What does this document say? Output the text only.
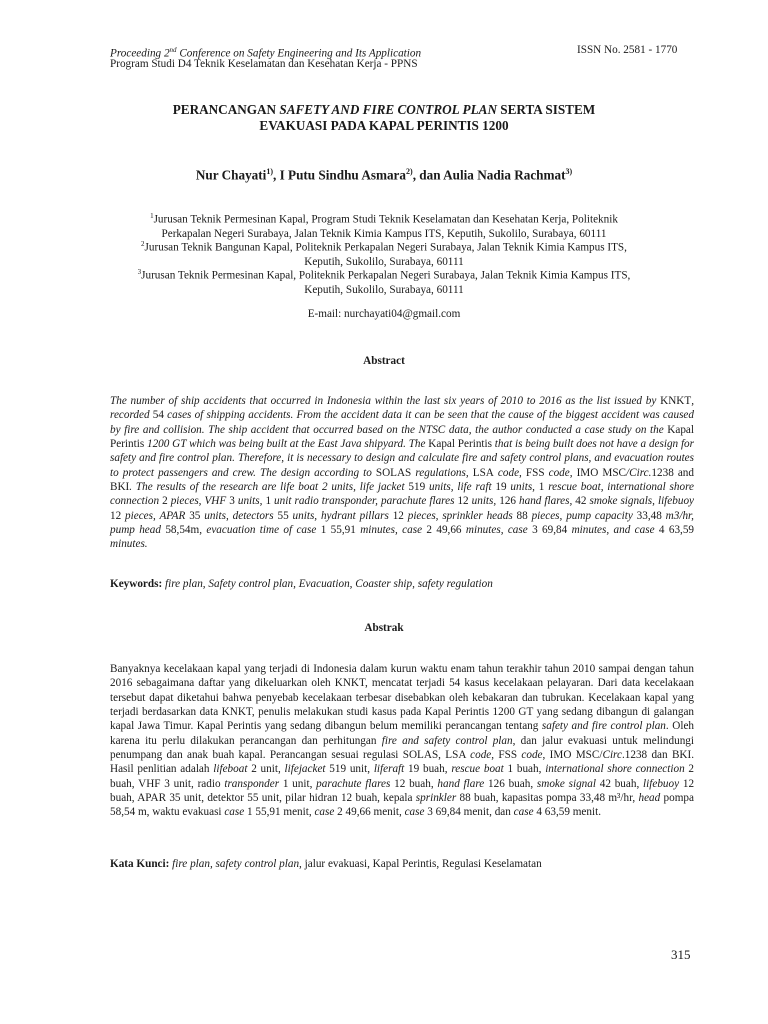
Proceeding 2nd Conference on Safety Engineering and Its Application	ISSN No. 2581 - 1770
Program Studi D4 Teknik Keselamatan dan Kesehatan Kerja - PPNS
PERANCANGAN SAFETY AND FIRE CONTROL PLAN SERTA SISTEM
EVAKUASI PADA KAPAL PERINTIS 1200
Nur Chayati$^{1)}$, I Putu Sindhu Asmara$^{2)}$, dan Aulia Nadia Rachmat$^{3)}$
$^1$Jurusan Teknik Permesinan Kapal, Program Studi Teknik Keselamatan dan Kesehatan Kerja, Politeknik
Perkapalan Negeri Surabaya, Jalan Teknik Kimia Kampus ITS, Keputih, Sukolilo, Surabaya, 60111
$^2$Jurusan Teknik Bangunan Kapal, Politeknik Perkapalan Negeri Surabaya, Jalan Teknik Kimia Kampus ITS,
Keputih, Sukolilo, Surabaya, 60111
$^3$Jurusan Teknik Permesinan Kapal, Politeknik Perkapalan Negeri Surabaya, Jalan Teknik Kimia Kampus ITS,
Keputih, Sukolilo, Surabaya, 60111
E-mail: nurchayati04@gmail.com
Abstract
The number of ship accidents that occurred in Indonesia within the last six years of 2010 to 2016 as the list issued by KNKT, recorded 54 cases of shipping accidents. From the accident data it can be seen that the cause of the biggest accident was caused by fire and collision. The ship accident that occurred based on the NTSC data, the author conducted a case study on the Kapal Perintis 1200 GT which was being built at the East Java shipyard. The Kapal Perintis that is being built does not have a design for safety and fire control plan. Therefore, it is necessary to design and calculate fire and safety control plans, and evacuation routes to protect passengers and crew. The design according to SOLAS regulations, LSA code, FSS code, IMO MSC/Circ.1238 and BKI. The results of the research are life boat 2 units, life jacket 519 units, life raft 19 units, 1 rescue boat, international shore connection 2 pieces, VHF 3 units, 1 unit radio transponder, parachute flares 12 units, 126 hand flares, 42 smoke signals, lifebuoy 12 pieces, APAR 35 units, detectors 55 units, hydrant pillars 12 pieces, sprinkler heads 88 pieces, pump capacity 33,48 m3/hr, pump head 58,54m, evacuation time of case 1 55,91 minutes, case 2 49,66 minutes, case 3 69,84 minutes, and case 4 63,59 minutes.
Keywords: fire plan, Safety control plan, Evacuation, Coaster ship, safety regulation
Abstrak
Banyaknya kecelakaan kapal yang terjadi di Indonesia dalam kurun waktu enam tahun terakhir tahun 2010 sampai dengan tahun 2016 sebagaimana daftar yang dikeluarkan oleh KNKT, mencatat terjadi 54 kasus kecelakaan pelayaran. Dari data kecelakaan tersebut dapat diketahui bahwa penyebab kecelakaan terbesar disebabkan oleh kebakaran dan tubrukan. Kecelakaan kapal yang terjadi berdasarkan data KNKT, penulis melakukan studi kasus pada Kapal Perintis 1200 GT yang sedang dibangun di galangan kapal Jawa Timur. Kapal Perintis yang sedang dibangun belum memiliki perancangan tentang safety and fire control plan. Oleh karena itu perlu dilakukan perancangan dan perhitungan fire and safety control plan, dan jalur evakuasi untuk melindungi penumpang dan anak buah kapal. Perancangan sesuai regulasi SOLAS, LSA code, FSS code, IMO MSC/Circ.1238 dan BKI. Hasil penlitian adalah lifeboat 2 unit, lifejacket 519 unit, liferaft 19 buah, rescue boat 1 buah, international shore connection 2 buah, VHF 3 unit, radio transponder 1 unit, parachute flares 12 buah, hand flare 126 buah, smoke signal 42 buah, lifebuoy 12 buah, APAR 35 unit, detektor 55 unit, pilar hidran 12 buah, kepala sprinkler 88 buah, kapasitas pompa 33,48 m³/hr, head pompa 58,54 m, waktu evakuasi case 1 55,91 menit, case 2 49,66 menit, case 3 69,84 menit, dan case 4 63,59 menit.
Kata Kunci: fire plan, safety control plan, jalur evakuasi, Kapal Perintis, Regulasi Keselamatan
315
